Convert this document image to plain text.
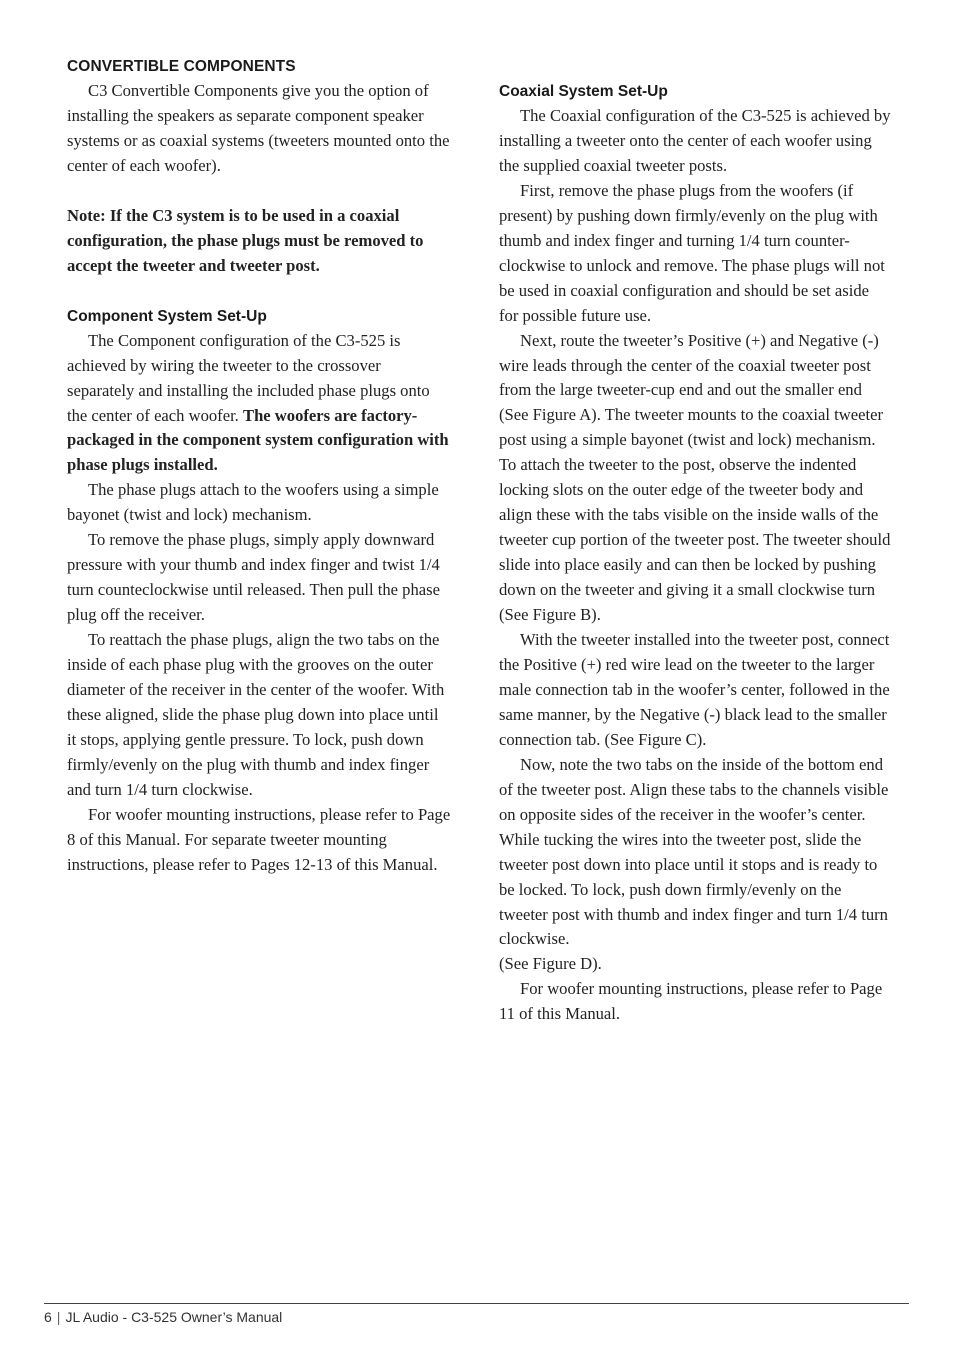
CONVERTIBLE COMPONENTS

C3 Convertible Components give you the option of installing the speakers as separate component speaker systems or as coaxial systems (tweeters mounted onto the center of each woofer).

Note: If the C3 system is to be used in a coaxial configuration, the phase plugs must be removed to accept the tweeter and tweeter post.

Component System Set-Up

The Component configuration of the C3-525 is achieved by wiring the tweeter to the crossover separately and installing the included phase plugs onto the center of each woofer. The woofers are factory-packaged in the component system configuration with phase plugs installed.

The phase plugs attach to the woofers using a simple bayonet (twist and lock) mechanism.

To remove the phase plugs, simply apply downward pressure with your thumb and index finger and twist 1/4 turn counteclockwise until released. Then pull the phase plug off the receiver.

To reattach the phase plugs, align the two tabs on the inside of each phase plug with the grooves on the outer diameter of the receiver in the center of the woofer. With these aligned, slide the phase plug down into place until it stops, applying gentle pressure. To lock, push down firmly/evenly on the plug with thumb and index finger and turn 1/4 turn clockwise.

For woofer mounting instructions, please refer to Page 8 of this Manual. For separate tweeter mounting instructions, please refer to Pages 12-13 of this Manual.

Coaxial System Set-Up

The Coaxial configuration of the C3-525 is achieved by installing a tweeter onto the center of each woofer using the supplied coaxial tweeter posts.

First, remove the phase plugs from the woofers (if present) by pushing down firmly/evenly on the plug with thumb and index finger and turning 1/4 turn counter-clockwise to unlock and remove. The phase plugs will not be used in coaxial configuration and should be set aside for possible future use.

Next, route the tweeter’s Positive (+) and Negative (-) wire leads through the center of the coaxial tweeter post from the large tweeter-cup end and out the smaller end (See Figure A). The tweeter mounts to the coaxial tweeter post using a simple bayonet (twist and lock) mechanism. To attach the tweeter to the post, observe the indented locking slots on the outer edge of the tweeter body and align these with the tabs visible on the inside walls of the tweeter cup portion of the tweeter post. The tweeter should slide into place easily and can then be locked by pushing down on the tweeter and giving it a small clockwise turn (See Figure B).

With the tweeter installed into the tweeter post, connect the Positive (+) red wire lead on the tweeter to the larger male connection tab in the woofer’s center, followed in the same manner, by the Negative (-) black lead to the smaller connection tab. (See Figure C).

Now, note the two tabs on the inside of the bottom end of the tweeter post. Align these tabs to the channels visible on opposite sides of the receiver in the woofer’s center. While tucking the wires into the tweeter post, slide the tweeter post down into place until it stops and is ready to be locked. To lock, push down firmly/evenly on the tweeter post with thumb and index finger and turn 1/4 turn clockwise.

(See Figure D).

For woofer mounting instructions, please refer to Page 11 of this Manual.

6 | JL Audio - C3-525 Owner’s Manual
